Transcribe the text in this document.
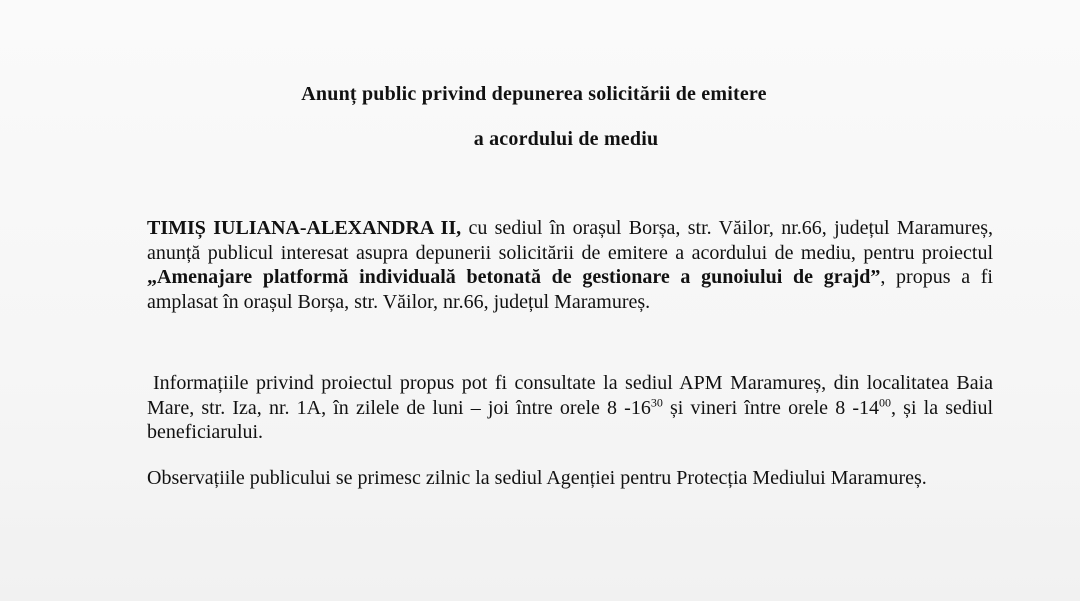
Anunț public privind depunerea solicitării de emitere
a acordului de mediu
TIMIȘ IULIANA-ALEXANDRA II, cu sediul în orașul Borșa, str. Văilor, nr.66, județul Maramureș, anunță publicul interesat asupra depunerii solicitării de emitere a acordului de mediu, pentru proiectul „Amenajare platformă individuală betonată de gestionare a gunoiului de grajd”, propus a fi amplasat în orașul Borșa, str. Văilor, nr.66, județul Maramureș.
Informațiile privind proiectul propus pot fi consultate la sediul APM Maramureș, din localitatea Baia Mare, str. Iza, nr. 1A, în zilele de luni – joi între orele 8 $-16^{30}$ și vineri între orele 8 $-14^{00}$, și la sediul beneficiarului.
Observațiile publicului se primesc zilnic la sediul Agenției pentru Protecția Mediului Maramureș.
